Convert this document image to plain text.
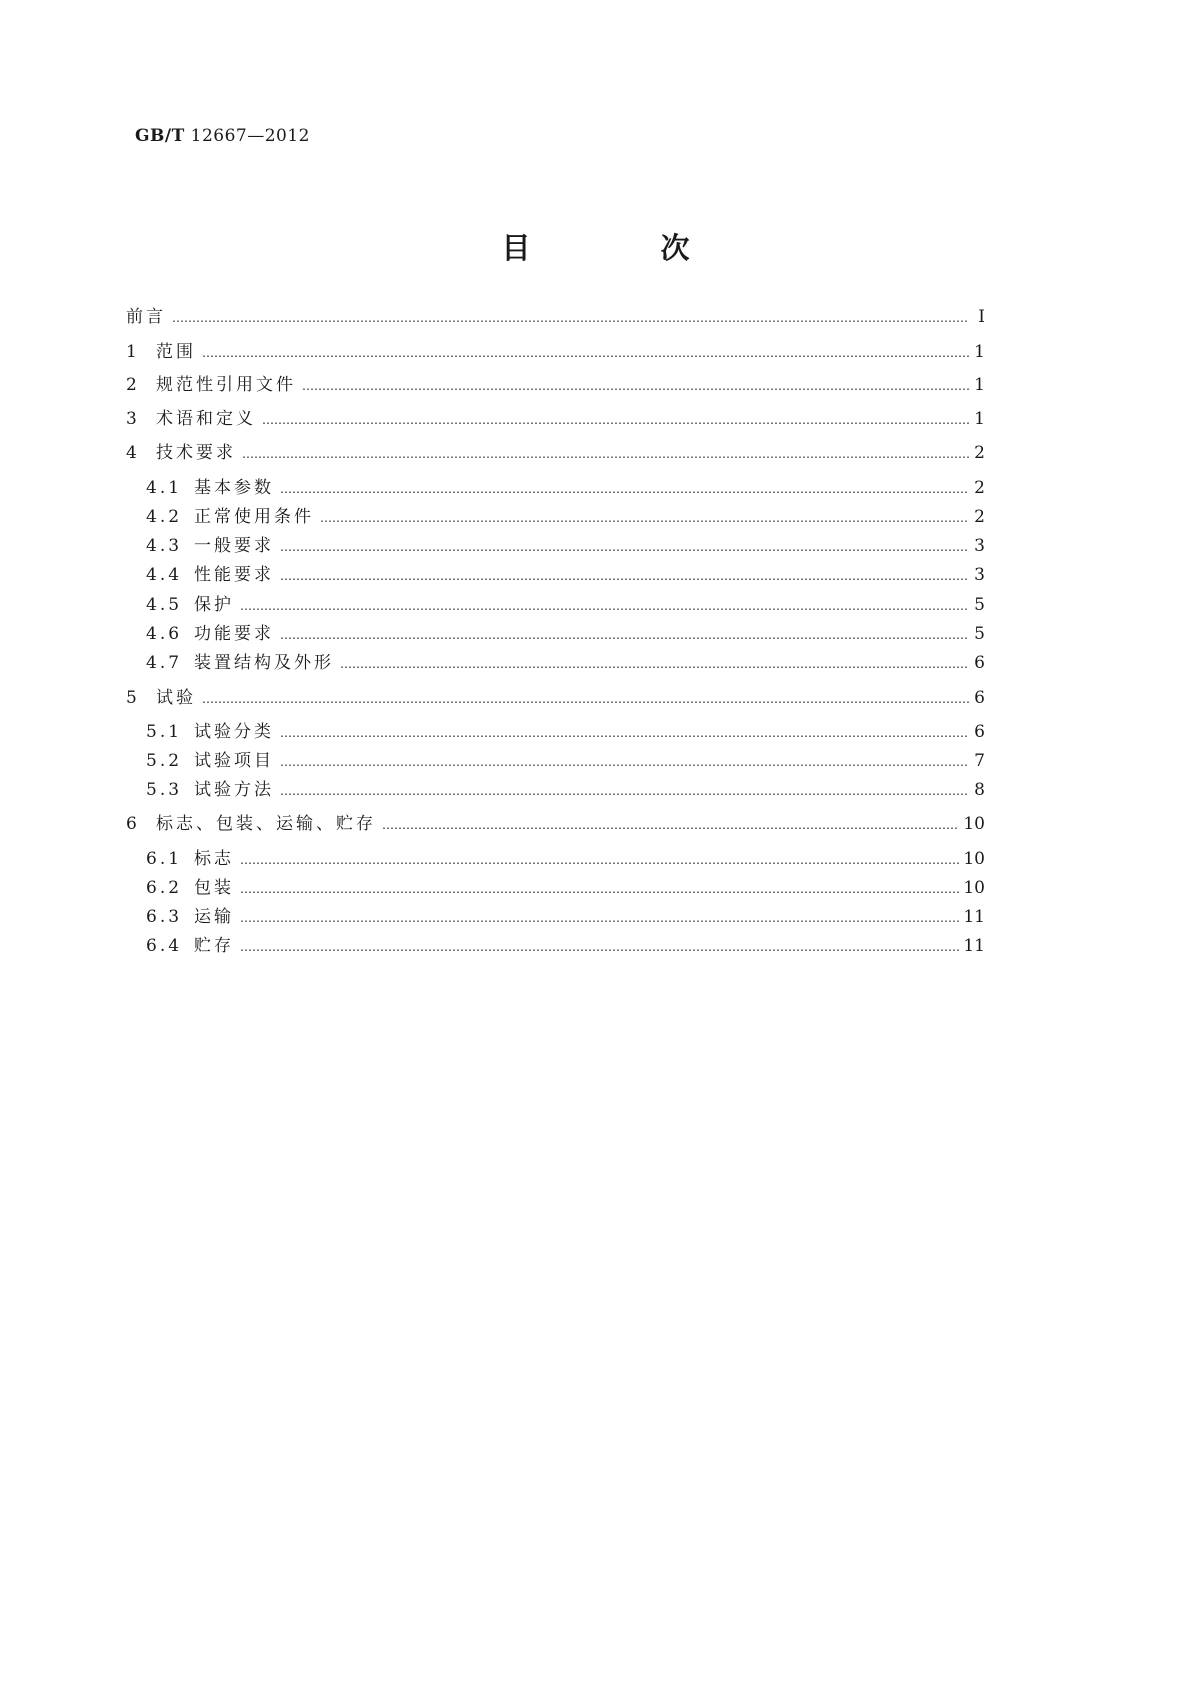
GB/T 12667—2012
目 次
前言 …………………………………………………………………………………………………………………………………………………………………………………………………………………………	Ⅰ
1 范围 …………………………………………………………………………………………………………………………………………………………………………………………………………………………	1
2 规范性引用文件 …………………………………………………………………………………………………………………………………………………………………………………………………………………………	1
3 术语和定义 …………………………………………………………………………………………………………………………………………………………………………………………………………………………	1
4 技术要求 …………………………………………………………………………………………………………………………………………………………………………………………………………………………	2
4.1 基本参数 …………………………………………………………………………………………………………………………………………………………………………………………………………………………	2
4.2 正常使用条件 …………………………………………………………………………………………………………………………………………………………………………………………………………………………	2
4.3 一般要求 …………………………………………………………………………………………………………………………………………………………………………………………………………………………	3
4.4 性能要求 …………………………………………………………………………………………………………………………………………………………………………………………………………………………	3
4.5 保护 …………………………………………………………………………………………………………………………………………………………………………………………………………………………	5
4.6 功能要求 …………………………………………………………………………………………………………………………………………………………………………………………………………………………	5
4.7 装置结构及外形 …………………………………………………………………………………………………………………………………………………………………………………………………………………………	6
5 试验 …………………………………………………………………………………………………………………………………………………………………………………………………………………………	6
5.1 试验分类 …………………………………………………………………………………………………………………………………………………………………………………………………………………………	6
5.2 试验项目 …………………………………………………………………………………………………………………………………………………………………………………………………………………………	7
5.3 试验方法 …………………………………………………………………………………………………………………………………………………………………………………………………………………………	8
6 标志、包装、运输、贮存 …………………………………………………………………………………………………………………………………………………………………………………………………………………………	10
6.1 标志 …………………………………………………………………………………………………………………………………………………………………………………………………………………………	10
6.2 包装 …………………………………………………………………………………………………………………………………………………………………………………………………………………………	10
6.3 运输 …………………………………………………………………………………………………………………………………………………………………………………………………………………………	11
6.4 贮存 …………………………………………………………………………………………………………………………………………………………………………………………………………………………	11
